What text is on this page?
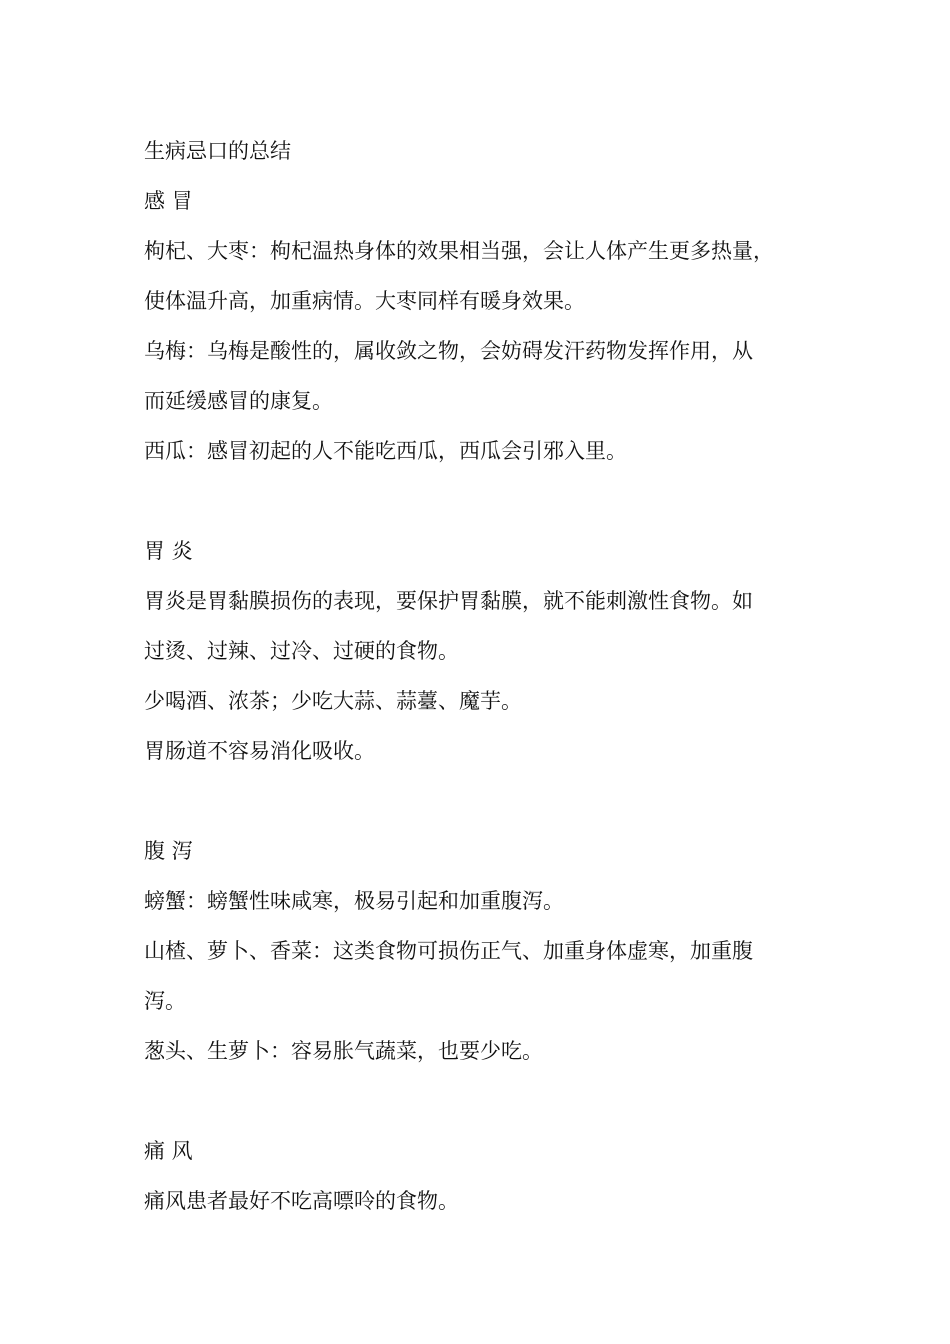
生病忌口的总结
感 冒
枸杞、大枣：枸杞温热身体的效果相当强，会让人体产生更多热量，
使体温升高，加重病情。大枣同样有暖身效果。
乌梅：乌梅是酸性的，属收敛之物，会妨碍发汗药物发挥作用，从
而延缓感冒的康复。
西瓜：感冒初起的人不能吃西瓜，西瓜会引邪入里。
胃 炎
胃炎是胃黏膜损伤的表现，要保护胃黏膜，就不能刺激性食物。如
过烫、过辣、过冷、过硬的食物。
少喝酒、浓茶；少吃大蒜、蒜薹、魔芋。
胃肠道不容易消化吸收。
腹 泻
螃蟹：螃蟹性味咸寒，极易引起和加重腹泻。
山楂、萝卜、香菜：这类食物可损伤正气、加重身体虚寒，加重腹
泻。
葱头、生萝卜：容易胀气蔬菜，也要少吃。
痛 风
痛风患者最好不吃高嘌呤的食物。
